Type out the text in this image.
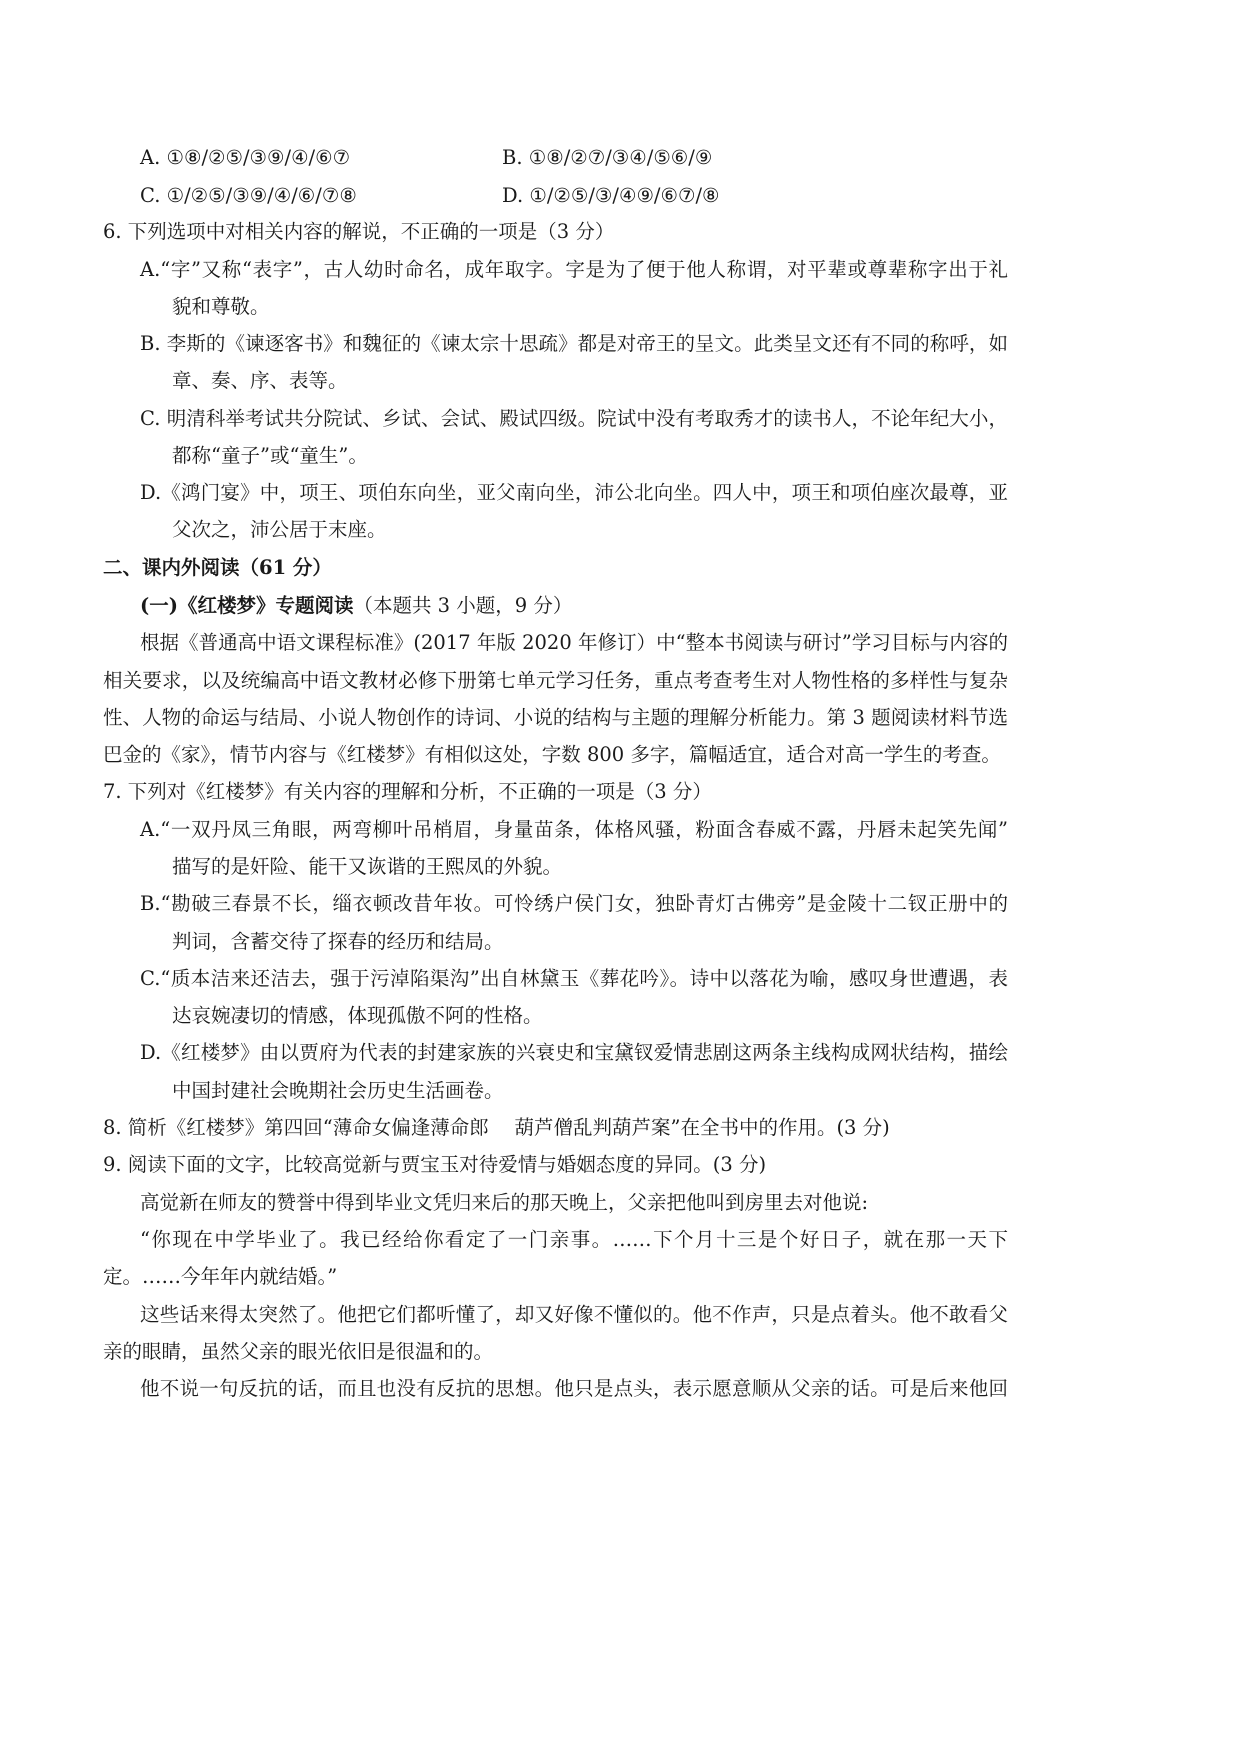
A. ①⑧/②⑤/③⑨/④/⑥⑦	B. ①⑧/②⑦/③④/⑤⑥/⑨
C. ①/②⑤/③⑨/④/⑥/⑦⑧	D. ①/②⑤/③/④⑨/⑥⑦/⑧
6. 下列选项中对相关内容的解说，不正确的一项是（3 分）
A.“字”又称“表字”，古人幼时命名，成年取字。字是为了便于他人称谓，对平辈或尊辈称字出于礼
貌和尊敬。
B. 李斯的《谏逐客书》和魏征的《谏太宗十思疏》都是对帝王的呈文。此类呈文还有不同的称呼，如
章、奏、序、表等。
C. 明清科举考试共分院试、乡试、会试、殿试四级。院试中没有考取秀才的读书人，不论年纪大小，
都称“童子”或“童生”。
D.《鸿门宴》中，项王、项伯东向坐，亚父南向坐，沛公北向坐。四人中，项王和项伯座次最尊，亚
父次之，沛公居于末座。
二、课内外阅读（61 分）
(一)《红楼梦》专题阅读（本题共 3 小题，9 分）
根据《普通高中语文课程标准》(2017 年版 2020 年修订）中“整本书阅读与研讨”学习目标与内容的
相关要求，以及统编高中语文教材必修下册第七单元学习任务，重点考查考生对人物性格的多样性与复杂
性、人物的命运与结局、小说人物创作的诗词、小说的结构与主题的理解分析能力。第 3 题阅读材料节选
巴金的《家》，情节内容与《红楼梦》有相似这处，字数 800 多字，篇幅适宜，适合对高一学生的考查。
7. 下列对《红楼梦》有关内容的理解和分析，不正确的一项是（3 分）
A.“一双丹凤三角眼，两弯柳叶吊梢眉，身量苗条，体格风骚，粉面含春威不露，丹唇未起笑先闻”
描写的是奸险、能干又诙谐的王熙凤的外貌。
B.“勘破三春景不长，缁衣顿改昔年妆。可怜绣户侯门女，独卧青灯古佛旁”是金陵十二钗正册中的
判词，含蓄交待了探春的经历和结局。
C.“质本洁来还洁去，强于污淖陷渠沟”出自林黛玉《葬花吟》。诗中以落花为喻，感叹身世遭遇，表
达哀婉凄切的情感，体现孤傲不阿的性格。
D.《红楼梦》由以贾府为代表的封建家族的兴衰史和宝黛钗爱情悲剧这两条主线构成网状结构，描绘
中国封建社会晚期社会历史生活画卷。
8. 简析《红楼梦》第四回“薄命女偏逢薄命郎　 葫芦僧乱判葫芦案”在全书中的作用。(3 分)
9. 阅读下面的文字，比较高觉新与贾宝玉对待爱情与婚姻态度的异同。(3 分)
高觉新在师友的赞誉中得到毕业文凭归来后的那天晚上，父亲把他叫到房里去对他说:
“你现在中学毕业了。我已经给你看定了一门亲事。……下个月十三是个好日子，就在那一天下
定。……今年年内就结婚。”
这些话来得太突然了。他把它们都听懂了，却又好像不懂似的。他不作声，只是点着头。他不敢看父
亲的眼睛，虽然父亲的眼光依旧是很温和的。
他不说一句反抗的话，而且也没有反抗的思想。他只是点头，表示愿意顺从父亲的话。可是后来他回
